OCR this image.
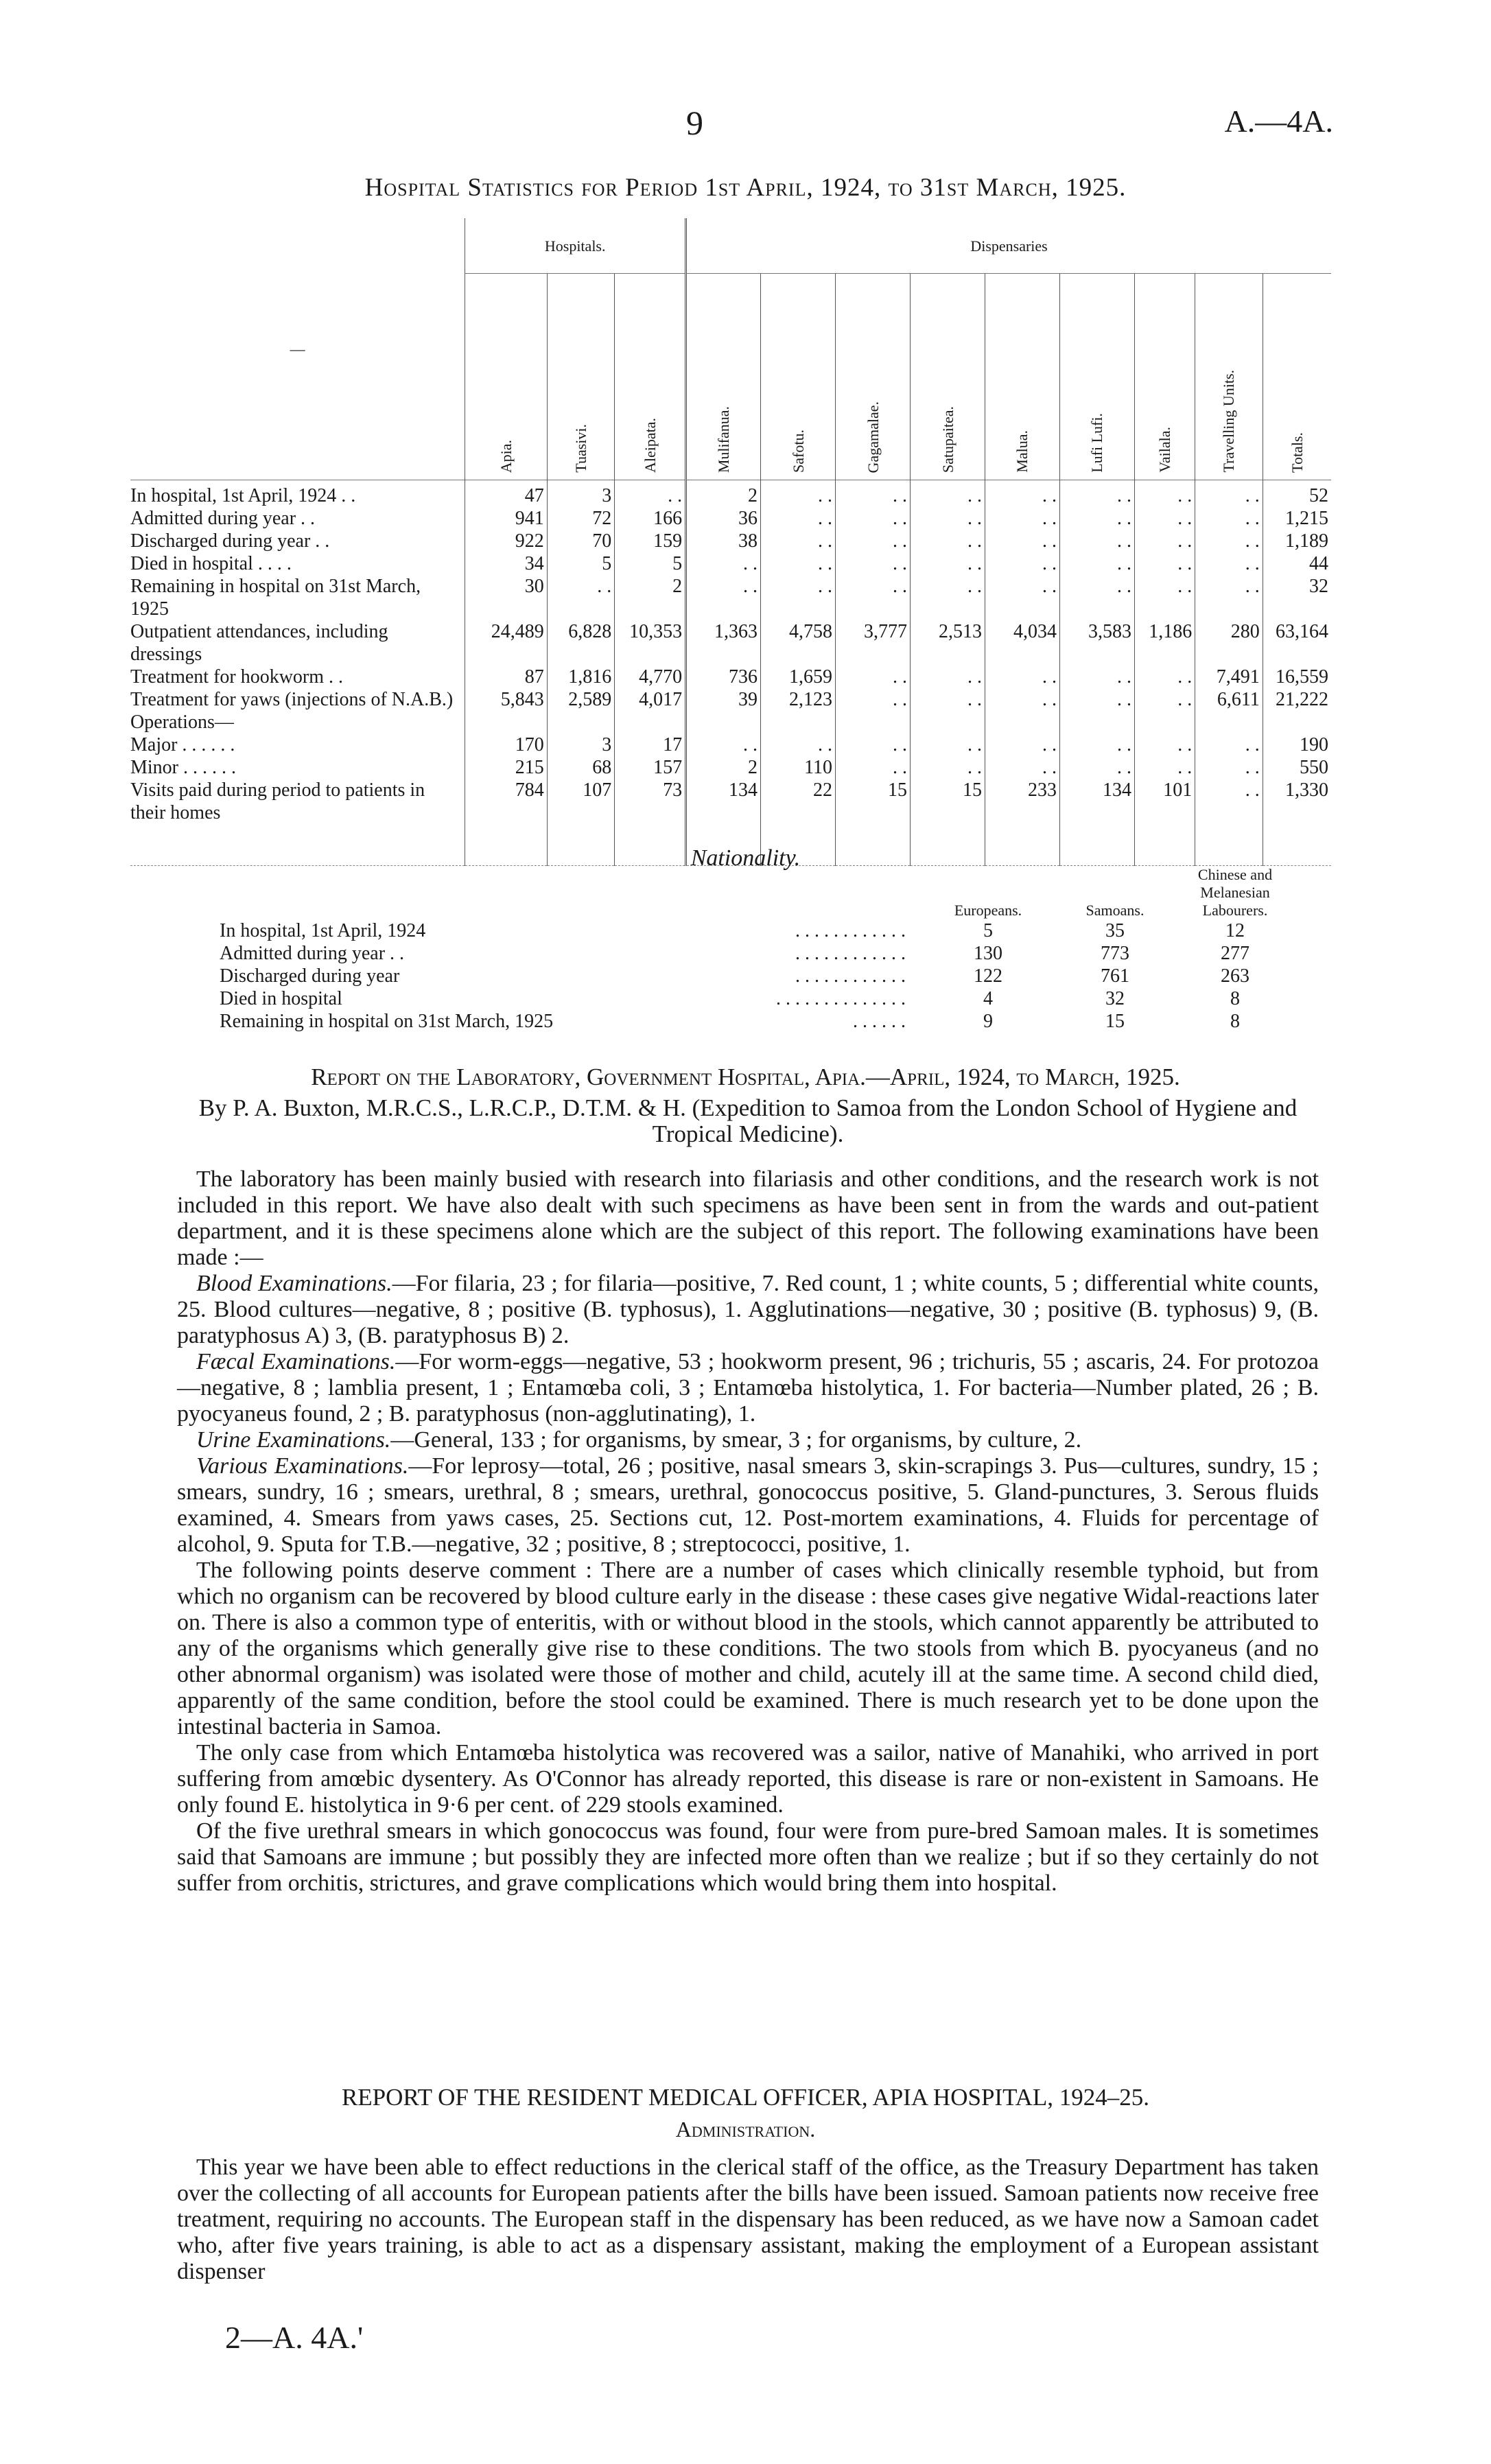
9	A.—4A.
Hospital Statistics for Period 1st April, 1924, to 31st March, 1925.
—	Hospitals.			Dispensaries								

	Apia.	Tuasivi.	Aleipata.	Mulifanua.	Safotu.	Gagamalae.	Satupaitea.	Malua.	Lufi Lufi.	Vailala.	Travelling Units.	Totals.

In hospital, 1st April, 1924 . .	47	3	. .	2	. .	. .	. .	. .	. .	. .	. .	52
Admitted during year . .	941	72	166	36	. .	. .	. .	. .	. .	. .	. .	1,215
Discharged during year . .	922	70	159	38	. .	. .	. .	. .	. .	. .	. .	1,189
Died in hospital . . . .	34	5	5	. .	. .	. .	. .	. .	. .	. .	. .	44
Remaining in hospital on 31st March, 1925	30	. .	2	. .	. .	. .	. .	. .	. .	. .	. .	32
Outpatient attendances, including dressings	24,489	6,828	10,353	1,363	4,758	3,777	2,513	4,034	3,583	1,186	280	63,164
Treatment for hookworm . .	87	1,816	4,770	736	1,659	. .	. .	. .	. .	. .	7,491	16,559
Treatment for yaws (injections of N.A.B.)	5,843	2,589	4,017	39	2,123	. .	. .	. .	. .	. .	6,611	21,222
Operations—												
Major . . . . . .	170	3	17	. .	. .	. .	. .	. .	. .	. .	. .	190
Minor . . . . . .	215	68	157	2	110	. .	. .	. .	. .	. .	. .	550
Visits paid during period to patients in their homes	784	107	73	134	22	15	15	233	134	101	. .	1,330

Nationality.
	Europeans.	Samoans.	Chinese and Melanesian Labourers.
In hospital, 1st April, 1924 . . . . . . . . . . . .	5	35	12
Admitted during year . . . . . . . . . . . . . .	130	773	277
Discharged during year . . . . . . . . . . . .	122	761	263
Died in hospital . . . . . . . . . . . . . .	4	32	8
Remaining in hospital on 31st March, 1925 . . . . . .	9	15	8
Report on the Laboratory, Government Hospital, Apia.—April, 1924, to March, 1925.
By P. A. Buxton, M.R.C.S., L.R.C.P., D.T.M. & H. (Expedition to Samoa from the London School of Hygiene and Tropical Medicine).

The laboratory has been mainly busied with research into filariasis and other conditions, and the research work is not included in this report. We have also dealt with such specimens as have been sent in from the wards and out-patient department, and it is these specimens alone which are the subject of this report. The following examinations have been made :—

Blood Examinations.—For filaria, 23 ; for filaria—positive, 7. Red count, 1 ; white counts, 5 ; differential white counts, 25. Blood cultures—negative, 8 ; positive (B. typhosus), 1. Agglutinations—negative, 30 ; positive (B. typhosus) 9, (B. paratyphosus A) 3, (B. paratyphosus B) 2.

Fæcal Examinations.—For worm-eggs—negative, 53 ; hookworm present, 96 ; trichuris, 55 ; ascaris, 24. For protozoa—negative, 8 ; lamblia present, 1 ; Entamœba coli, 3 ; Entamœba histolytica, 1. For bacteria—Number plated, 26 ; B. pyocyaneus found, 2 ; B. paratyphosus (non-agglutinating), 1.

Urine Examinations.—General, 133 ; for organisms, by smear, 3 ; for organisms, by culture, 2.

Various Examinations.—For leprosy—total, 26 ; positive, nasal smears 3, skin-scrapings 3. Pus—cultures, sundry, 15 ; smears, sundry, 16 ; smears, urethral, 8 ; smears, urethral, gonococcus positive, 5. Gland-punctures, 3. Serous fluids examined, 4. Smears from yaws cases, 25. Sections cut, 12. Post-mortem examinations, 4. Fluids for percentage of alcohol, 9. Sputa for T.B.—negative, 32 ; positive, 8 ; streptococci, positive, 1.

The following points deserve comment : There are a number of cases which clinically resemble typhoid, but from which no organism can be recovered by blood culture early in the disease : these cases give negative Widal-reactions later on. There is also a common type of enteritis, with or without blood in the stools, which cannot apparently be attributed to any of the organisms which generally give rise to these conditions. The two stools from which B. pyocyaneus (and no other abnormal organism) was isolated were those of mother and child, acutely ill at the same time. A second child died, apparently of the same condition, before the stool could be examined. There is much research yet to be done upon the intestinal bacteria in Samoa.

The only case from which Entamœba histolytica was recovered was a sailor, native of Manahiki, who arrived in port suffering from amœbic dysentery. As O'Connor has already reported, this disease is rare or non-existent in Samoans. He only found E. histolytica in 9·6 per cent. of 229 stools examined.

Of the five urethral smears in which gonococcus was found, four were from pure-bred Samoan males. It is sometimes said that Samoans are immune ; but possibly they are infected more often than we realize ; but if so they certainly do not suffer from orchitis, strictures, and grave complications which would bring them into hospital.

REPORT OF THE RESIDENT MEDICAL OFFICER, APIA HOSPITAL, 1924–25.
Administration.

This year we have been able to effect reductions in the clerical staff of the office, as the Treasury Department has taken over the collecting of all accounts for European patients after the bills have been issued. Samoan patients now receive free treatment, requiring no accounts. The European staff in the dispensary has been reduced, as we have now a Samoan cadet who, after five years training, is able to act as a dispensary assistant, making the employment of a European assistant dispenser

2—A. 4A.'
